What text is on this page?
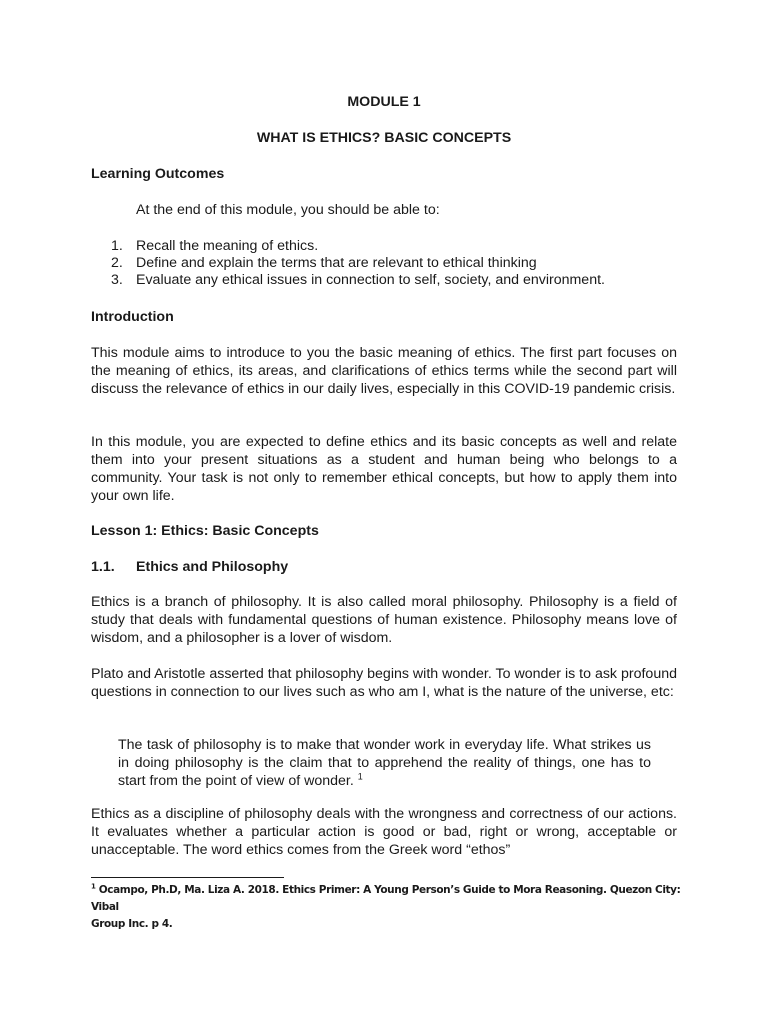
MODULE 1
WHAT IS ETHICS? BASIC CONCEPTS
Learning Outcomes
At the end of this module, you should be able to:
1. Recall the meaning of ethics.
2. Define and explain the terms that are relevant to ethical thinking
3. Evaluate any ethical issues in connection to self, society, and environment.
Introduction
This module aims to introduce to you the basic meaning of ethics. The first part focuses on the meaning of ethics, its areas, and clarifications of ethics terms while the second part will discuss the relevance of ethics in our daily lives, especially in this COVID-19 pandemic crisis.
In this module, you are expected to define ethics and its basic concepts as well and relate them into your present situations as a student and human being who belongs to a community. Your task is not only to remember ethical concepts, but how to apply them into your own life.
Lesson 1: Ethics: Basic Concepts
1.1. Ethics and Philosophy
Ethics is a branch of philosophy. It is also called moral philosophy. Philosophy is a field of study that deals with fundamental questions of human existence. Philosophy means love of wisdom, and a philosopher is a lover of wisdom.
Plato and Aristotle asserted that philosophy begins with wonder. To wonder is to ask profound questions in connection to our lives such as who am I, what is the nature of the universe, etc:
The task of philosophy is to make that wonder work in everyday life. What strikes us in doing philosophy is the claim that to apprehend the reality of things, one has to start from the point of view of wonder. $^1$
Ethics as a discipline of philosophy deals with the wrongness and correctness of our actions. It evaluates whether a particular action is good or bad, right or wrong, acceptable or unacceptable. The word ethics comes from the Greek word “ethos”
$^1$ Ocampo, Ph.D, Ma. Liza A. 2018. Ethics Primer: A Young Person’s Guide to Mora Reasoning. Quezon City: Vibal
Group Inc. p 4.
